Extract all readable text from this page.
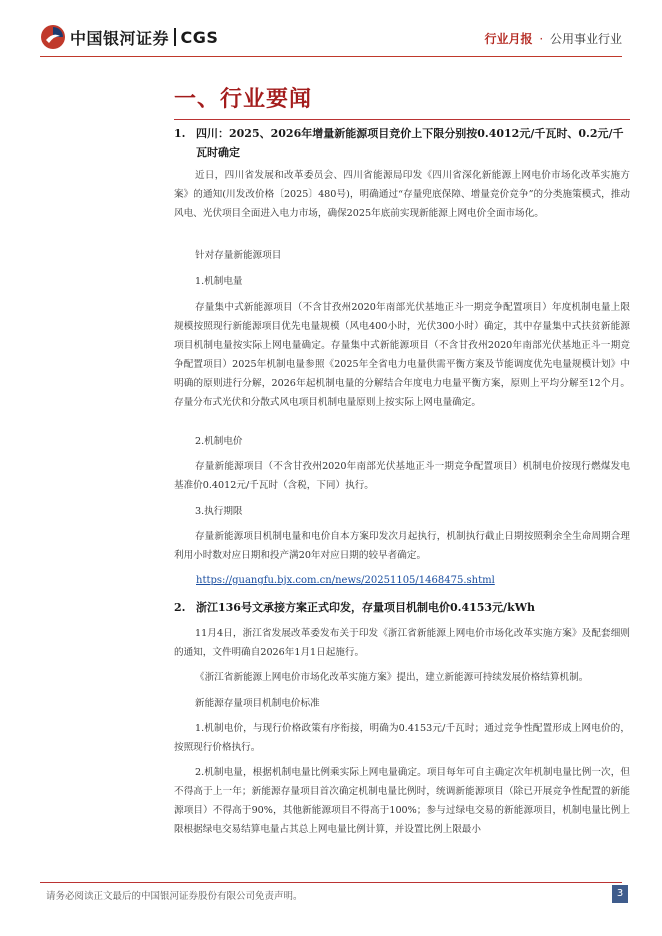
中国银河证券 CGS	行业月报 · 公用事业行业
一、行业要闻
1. 四川：2025、2026年增量新能源项目竞价上下限分别按0.4012元/千瓦时、0.2元/千瓦时确定

近日，四川省发展和改革委员会、四川省能源局印发《四川省深化新能源上网电价市场化改革实施方案》的通知(川发改价格〔2025〕480号)，明确通过“存量兜底保障、增量竞价竞争”的分类施策模式，推动风电、光伏项目全面进入电力市场，确保2025年底前实现新能源上网电价全面市场化。

针对存量新能源项目

1.机制电量

存量集中式新能源项目（不含甘孜州2020年南部光伏基地正斗一期竞争配置项目）年度机制电量上限规模按照现行新能源项目优先电量规模（风电400小时，光伏300小时）确定，其中存量集中式扶贫新能源项目机制电量按实际上网电量确定。存量集中式新能源项目（不含甘孜州2020年南部光伏基地正斗一期竞争配置项目）2025年机制电量参照《2025年全省电力电量供需平衡方案及节能调度优先电量规模计划》中明确的原则进行分解，2026年起机制电量的分解结合年度电力电量平衡方案，原则上平均分解至12个月。存量分布式光伏和分散式风电项目机制电量原则上按实际上网电量确定。

2.机制电价

存量新能源项目（不含甘孜州2020年南部光伏基地正斗一期竞争配置项目）机制电价按现行燃煤发电基准价0.4012元/千瓦时（含税，下同）执行。

3.执行期限

存量新能源项目机制电量和电价自本方案印发次月起执行，机制执行截止日期按照剩余全生命周期合理利用小时数对应日期和投产满20年对应日期的较早者确定。

https://guangfu.bjx.com.cn/news/20251105/1468475.shtml
2. 浙江136号文承接方案正式印发，存量项目机制电价0.4153元/kWh

11月4日，浙江省发展改革委发布关于印发《浙江省新能源上网电价市场化改革实施方案》及配套细则的通知，文件明确自2026年1月1日起施行。

《浙江省新能源上网电价市场化改革实施方案》提出，建立新能源可持续发展价格结算机制。

新能源存量项目机制电价标准

1.机制电价，与现行价格政策有序衔接，明确为0.4153元/千瓦时；通过竞争性配置形成上网电价的，按照现行价格执行。

2.机制电量，根据机制电量比例乘实际上网电量确定。项目每年可自主确定次年机制电量比例一次，但不得高于上一年；新能源存量项目首次确定机制电量比例时，统调新能源项目（除已开展竞争性配置的新能源项目）不得高于90%，其他新能源项目不得高于100%；参与过绿电交易的新能源项目，机制电量比例上限根据绿电交易结算电量占其总上网电量比例计算，并设置比例上限最小

请务必阅读正文最后的中国银河证券股份有限公司免责声明。	3
